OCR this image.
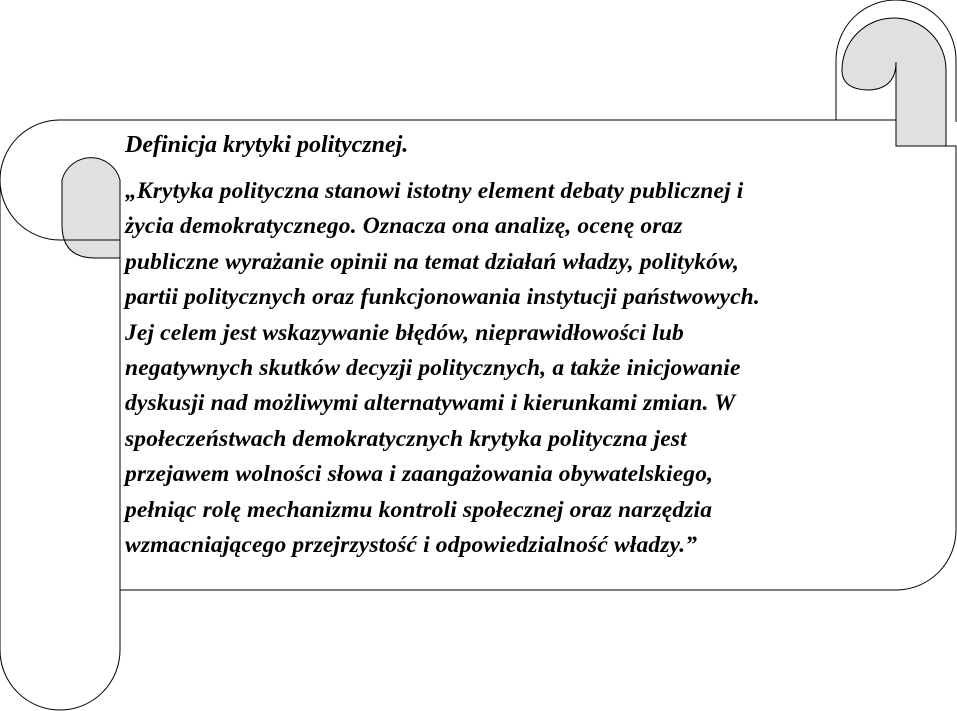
Definicja krytyki politycznej.
„Krytyka polityczna stanowi istotny element debaty publicznej i
życia demokratycznego. Oznacza ona analizę, ocenę oraz
publiczne wyrażanie opinii na temat działań władzy, polityków,
partii politycznych oraz funkcjonowania instytucji państwowych.
Jej celem jest wskazywanie błędów, nieprawidłowości lub
negatywnych skutków decyzji politycznych, a także inicjowanie
dyskusji nad możliwymi alternatywami i kierunkami zmian. W
społeczeństwach demokratycznych krytyka polityczna jest
przejawem wolności słowa i zaangażowania obywatelskiego,
pełniąc rolę mechanizmu kontroli społecznej oraz narzędzia
wzmacniającego przejrzystość i odpowiedzialność władzy.”
